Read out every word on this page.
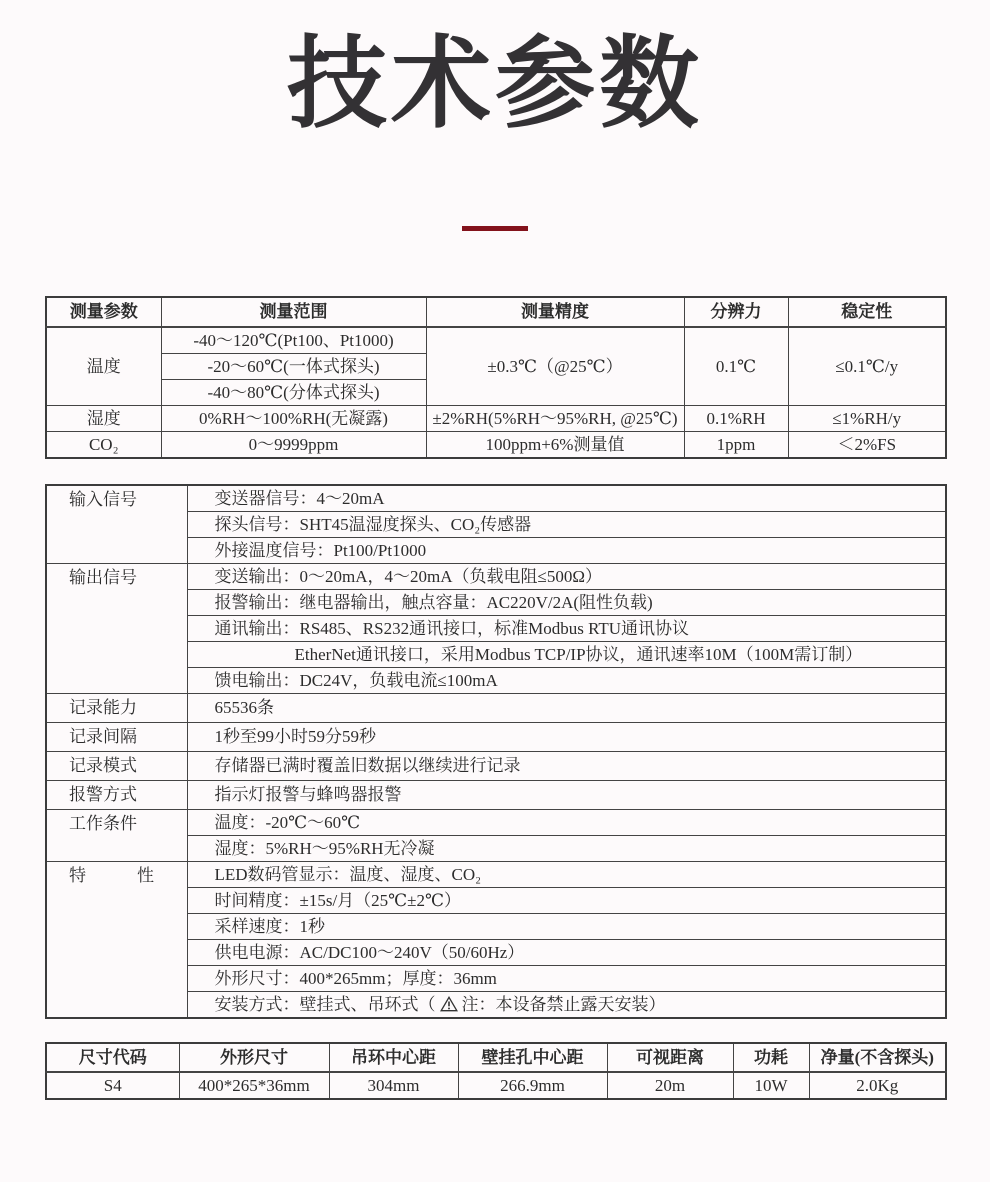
技术参数
测量参数	测量范围	测量精度	分辨力	稳定性
温度	-40～120℃(Pt100、Pt1000)	±0.3℃（@25℃）	0.1℃	≤0.1℃/y
	-20～60℃(一体式探头)			
	-40～80℃(分体式探头)			
湿度	0%RH～100%RH(无凝露)	±2%RH(5%RH～95%RH, @25℃)	0.1%RH	≤1%RH/y
CO₂	0～9999ppm	100ppm+6%测量值	1ppm	＜2%FS
输入信号	变送器信号：4～20mA
	探头信号：SHT45温湿度探头、CO₂传感器
	外接温度信号：Pt100/Pt1000
输出信号	变送输出：0～20mA，4～20mA（负载电阻≤500Ω）
	报警输出：继电器输出，触点容量：AC220V/2A(阻性负载)
	通讯输出：RS485、RS232通讯接口，标准Modbus RTU通讯协议
	EtherNet通讯接口，采用Modbus TCP/IP协议，通讯速率10M（100M需订制）
	馈电输出：DC24V，负载电流≤100mA
记录能力	65536条
记录间隔	1秒至99小时59分59秒
记录模式	存储器已满时覆盖旧数据以继续进行记录
报警方式	指示灯报警与蜂鸣器报警
工作条件	温度：-20℃～60℃
	湿度：5%RH～95%RH无冷凝
特　　　性	LED数码管显示：温度、湿度、CO₂
	时间精度：±15s/月（25℃±2℃）
	采样速度：1秒
	供电电源：AC/DC100～240V（50/60Hz）
	外形尺寸：400*265mm；厚度：36mm
	安装方式：壁挂式、吊环式（ 注：本设备禁止露天安装）
尺寸代码	外形尺寸	吊环中心距	壁挂孔中心距	可视距离	功耗	净量(不含探头)
S4	400*265*36mm	304mm	266.9mm	20m	10W	2.0Kg
